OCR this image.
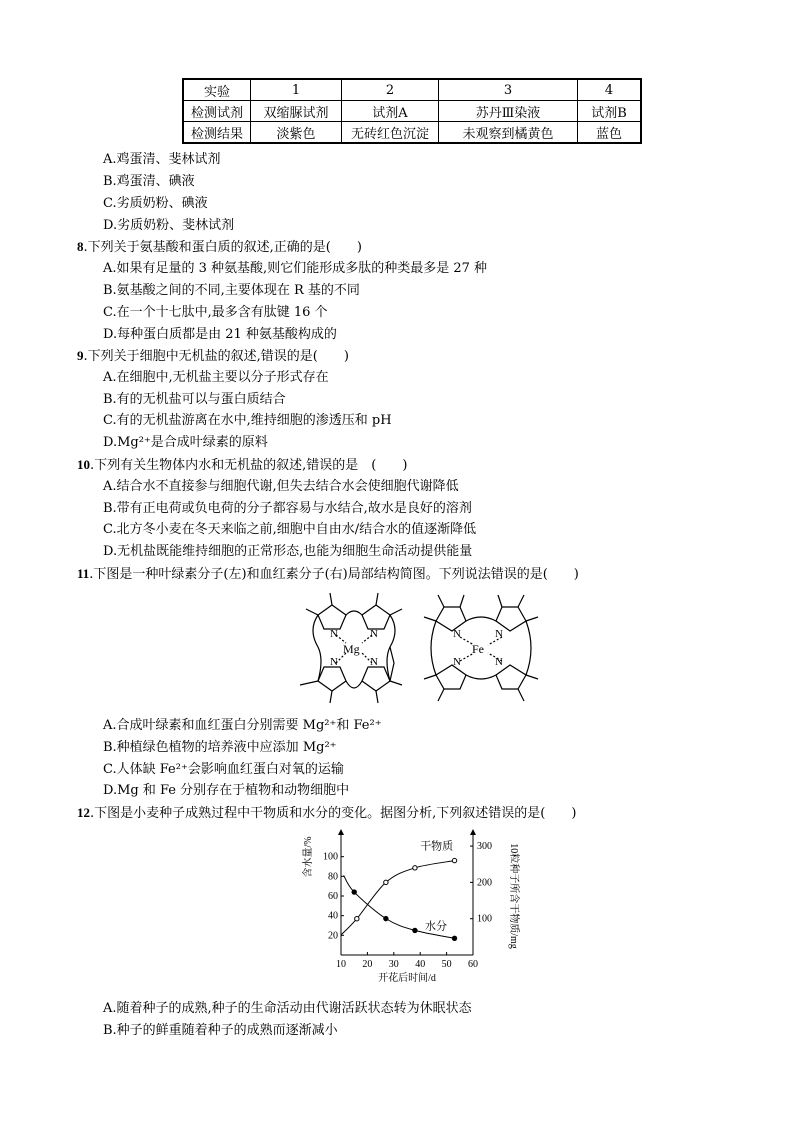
实验	1	2	3	4
检测试剂	双缩脲试剂	试剂A	苏丹Ⅲ染液	试剂B
检测结果	淡紫色	无砖红色沉淀	未观察到橘黄色	蓝色
A.鸡蛋清、斐林试剂
B.鸡蛋清、碘液
C.劣质奶粉、碘液
D.劣质奶粉、斐林试剂
8.下列关于氨基酸和蛋白质的叙述,正确的是(　　)
A.如果有足量的 3 种氨基酸,则它们能形成多肽的种类最多是 27 种
B.氨基酸之间的不同,主要体现在 R 基的不同
C.在一个十七肽中,最多含有肽键 16 个
D.每种蛋白质都是由 21 种氨基酸构成的
9.下列关于细胞中无机盐的叙述,错误的是(　　)
A.在细胞中,无机盐主要以分子形式存在
B.有的无机盐可以与蛋白质结合
C.有的无机盐游离在水中,维持细胞的渗透压和 pH
D.Mg²⁺是合成叶绿素的原料
10.下列有关生物体内水和无机盐的叙述,错误的是　(　　)
A.结合水不直接参与细胞代谢,但失去结合水会使细胞代谢降低
B.带有正电荷或负电荷的分子都容易与水结合,故水是良好的溶剂
C.北方冬小麦在冬天来临之前,细胞中自由水/结合水的值逐渐降低
D.无机盐既能维持细胞的正常形态,也能为细胞生命活动提供能量
11.下图是一种叶绿素分子(左)和血红素分子(右)局部结构简图。下列说法错误的是(　　)
N	N
N	N
Mg
N	N
N	N
Fe
A.合成叶绿素和血红蛋白分别需要 Mg²⁺和 Fe²⁺
B.种植绿色植物的培养液中应添加 Mg²⁺
C.人体缺 Fe²⁺会影响血红蛋白对氧的运输
D.Mg 和 Fe 分别存在于植物和动物细胞中
12.下图是小麦种子成熟过程中干物质和水分的变化。据图分析,下列叙述错误的是(　　)
10 20 30 40 50 60
20
40
60
80
100
100
200
300
开花后时间/d
含水量/%	10粒种子所含干物质/mg
干物质
水分
A.随着种子的成熟,种子的生命活动由代谢活跃状态转为休眠状态
B.种子的鲜重随着种子的成熟而逐渐减小
